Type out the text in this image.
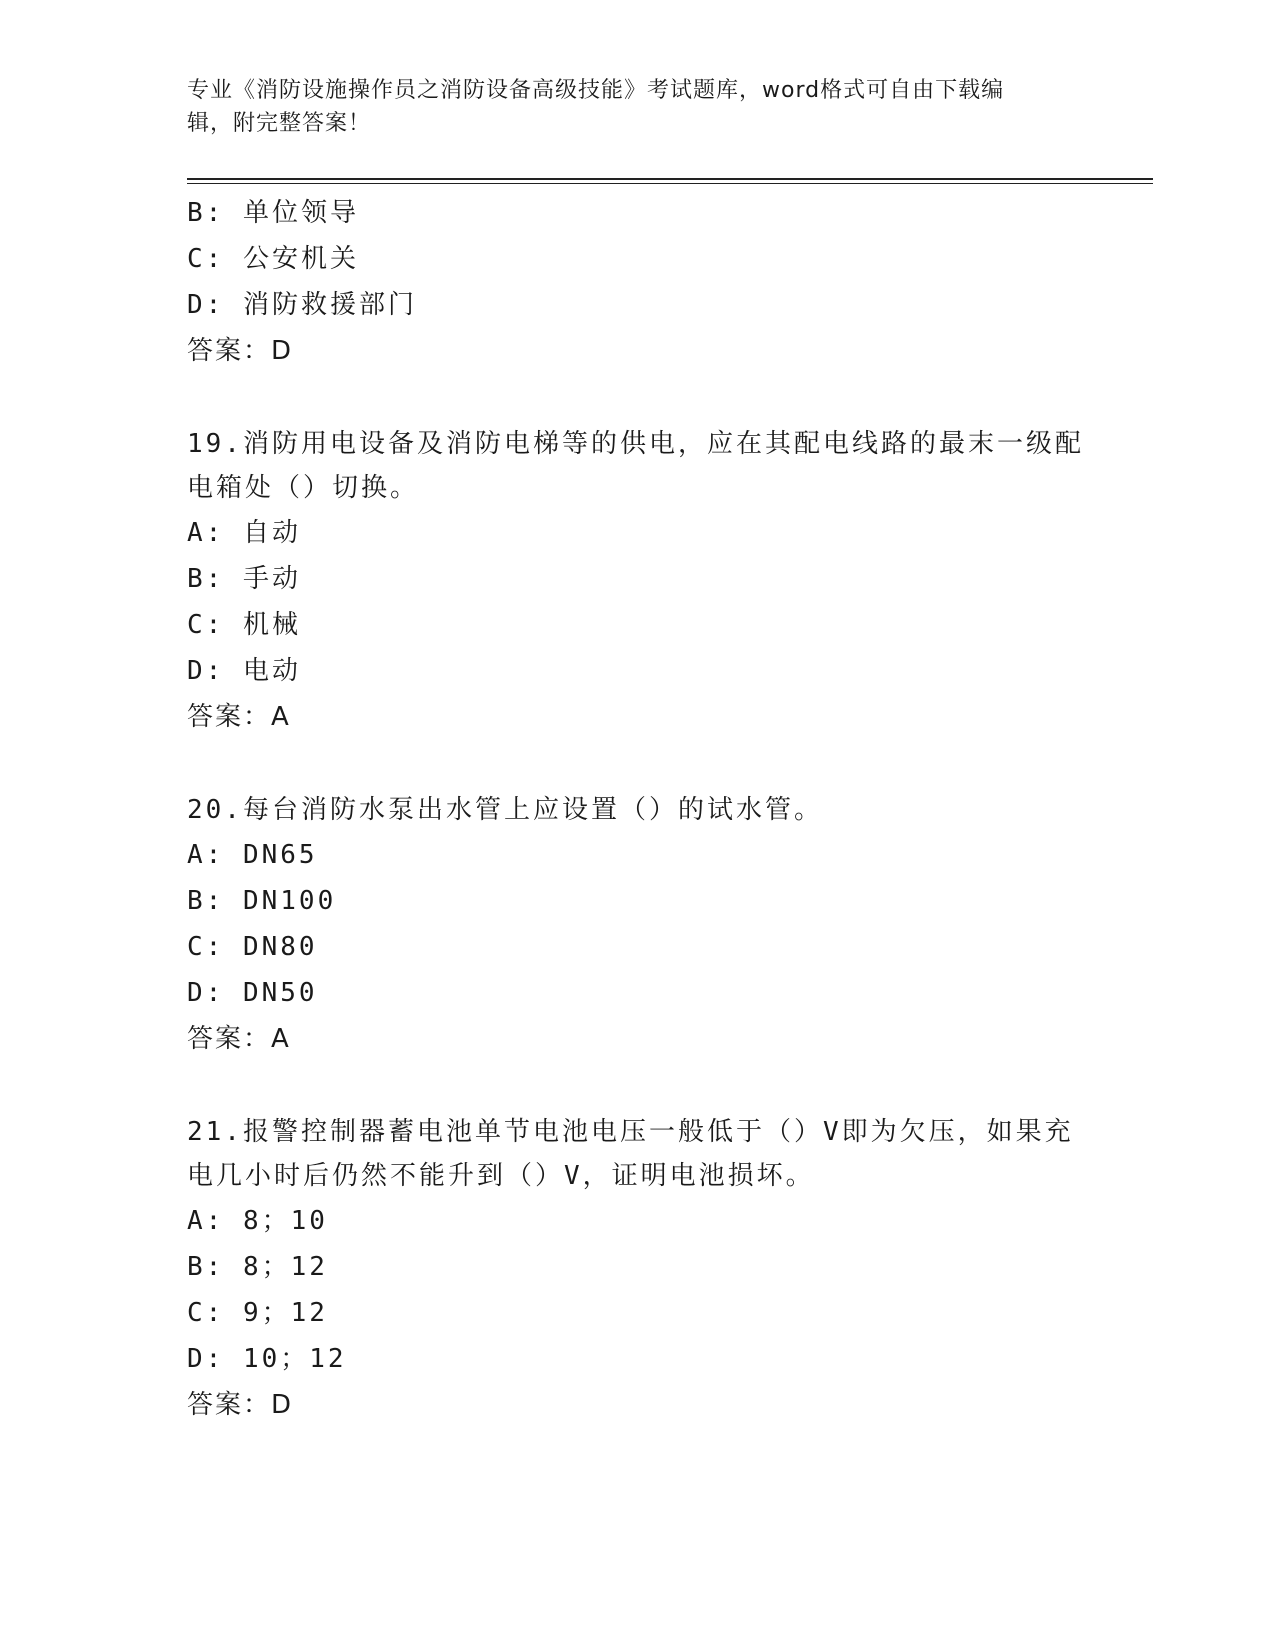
专业《消防设施操作员之消防设备高级技能》考试题库，word格式可自由下载编
辑，附完整答案！
B: 单位领导
C: 公安机关
D: 消防救援部门
答案：D
19.消防用电设备及消防电梯等的供电，应在其配电线路的最末一级配
电箱处（）切换。
A: 自动
B: 手动
C: 机械
D: 电动
答案：A
20.每台消防水泵出水管上应设置（）的试水管。
A: DN65
B: DN100
C: DN80
D: DN50
答案：A
21.报警控制器蓄电池单节电池电压一般低于（）V即为欠压，如果充
电几小时后仍然不能升到（）V，证明电池损坏。
A: 8；10
B: 8；12
C: 9；12
D: 10；12
答案：D
